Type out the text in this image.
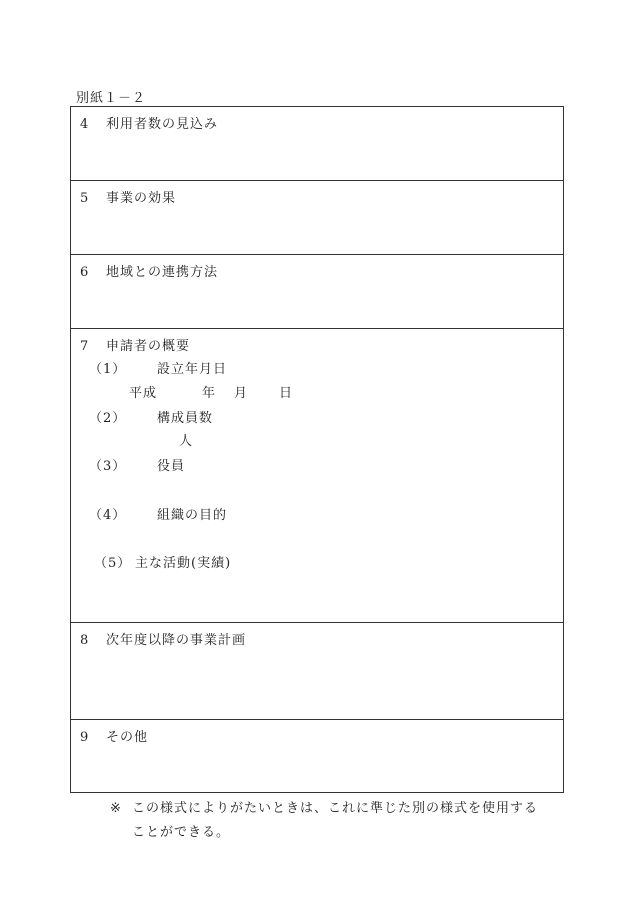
別紙１－２
4 利用者数の見込み
5 事業の効果
6 地域との連携方法
7 申請者の概要
（1） 設立年月日
平成	年 月 日
（2） 構成員数
人
（3） 役員
（4） 組織の目的
（5） 主な活動(実績)
8 次年度以降の事業計画
9 その他
※ この様式によりがたいときは、これに準じた別の様式を使用する
ことができる。
